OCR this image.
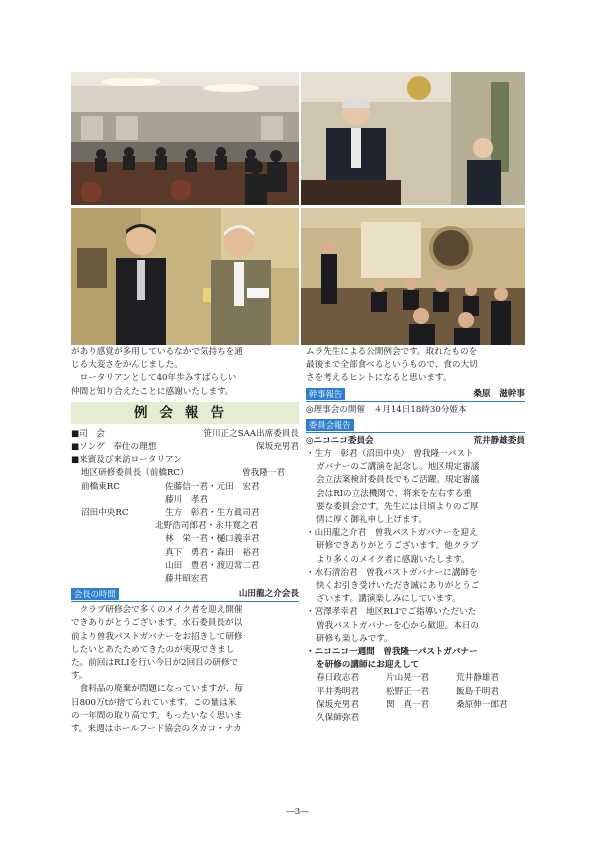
があり感覚が多用しているなかで気持ちを通

じる大変さをかんじました。

ロータリアンとして40年歩みすばらしい

仲間と知り合えたことに感謝いたします。

例会報告
■司　会	笹川正之SAA出席委員長
■ソング　奉仕の理想	保坂充男君
■来賓及び来訪ロータリアン
地区研修委員長（前橋RC）	曽我隆一君
前橋東RC	佐藤信一君・元田　宏君
藤川　孝君
沼田中央RC	生方　彰君・生方眞司君
北野浩司郎君・永井寛之君
林　栄一君・樋口義幸君
真下　勇君・森田　裕君
山田　豊君・渡辺常二君
藤井昭宏君
会長の時間	山田龍之介会長

クラブ研修会で多くのメイク者を迎え開催

できありがとうございます。水石委員長が以

前より曽我パストガバナーをお招きして研修

したいとあたためてきたのが実現できまし

た。前回はRLIを行い今日が2回目の研修で

す。

食料品の廃棄が問題になっていますが、毎

日800万tが捨てられています。この量は米

の一年間の取り高です。もったいなく思いま

す。来週はホールフード協会のタカコ・ナカ

ムラ先生による公開例会です。取れたものを

最後まで全部食べるというもので、食の大切

さを考えるヒントになると思います。

幹事報告	桑原　滋幹事

◎理事会の開催　４月14日18時30分姫本

委員会報告
◎ニコニコ委員会	荒井静雄委員

・生方　彰君（沼田中央）　曽我隆一パスト

ガバナーのご講演を記念し。地区規定審議

会立法案検討委員長でもご活躍。規定審議

会はRIの立法機関で、将来を左右する重

要な委員会です。先生には日頃よりのご厚

情に厚く御礼申し上げます。

・山田龍之介君　曽我パストガバナーを迎え

研修できありがとうございます。他クラブ

より多くのメイク者に感謝いたします。

・水石清治君　曽我パストガバナーに講師を

快くお引き受けいただき誠にありがとうご

ざいます。講演楽しみにしています。

・宮澤孝幸君　地区RLIでご指導いただいた

曽我パストガバナーを心から歓迎。本日の

研修も楽しみです。

・ニコニコ一週間　曽我隆一パストガバナー

を研修の講師にお迎えして

春日政志君	片山晃一君	荒井静雄君
平井秀明君	松野正一君	飯島千明君
保坂充男君	関　真一君	桑原伸一郎君
久保師弥君
―3―
